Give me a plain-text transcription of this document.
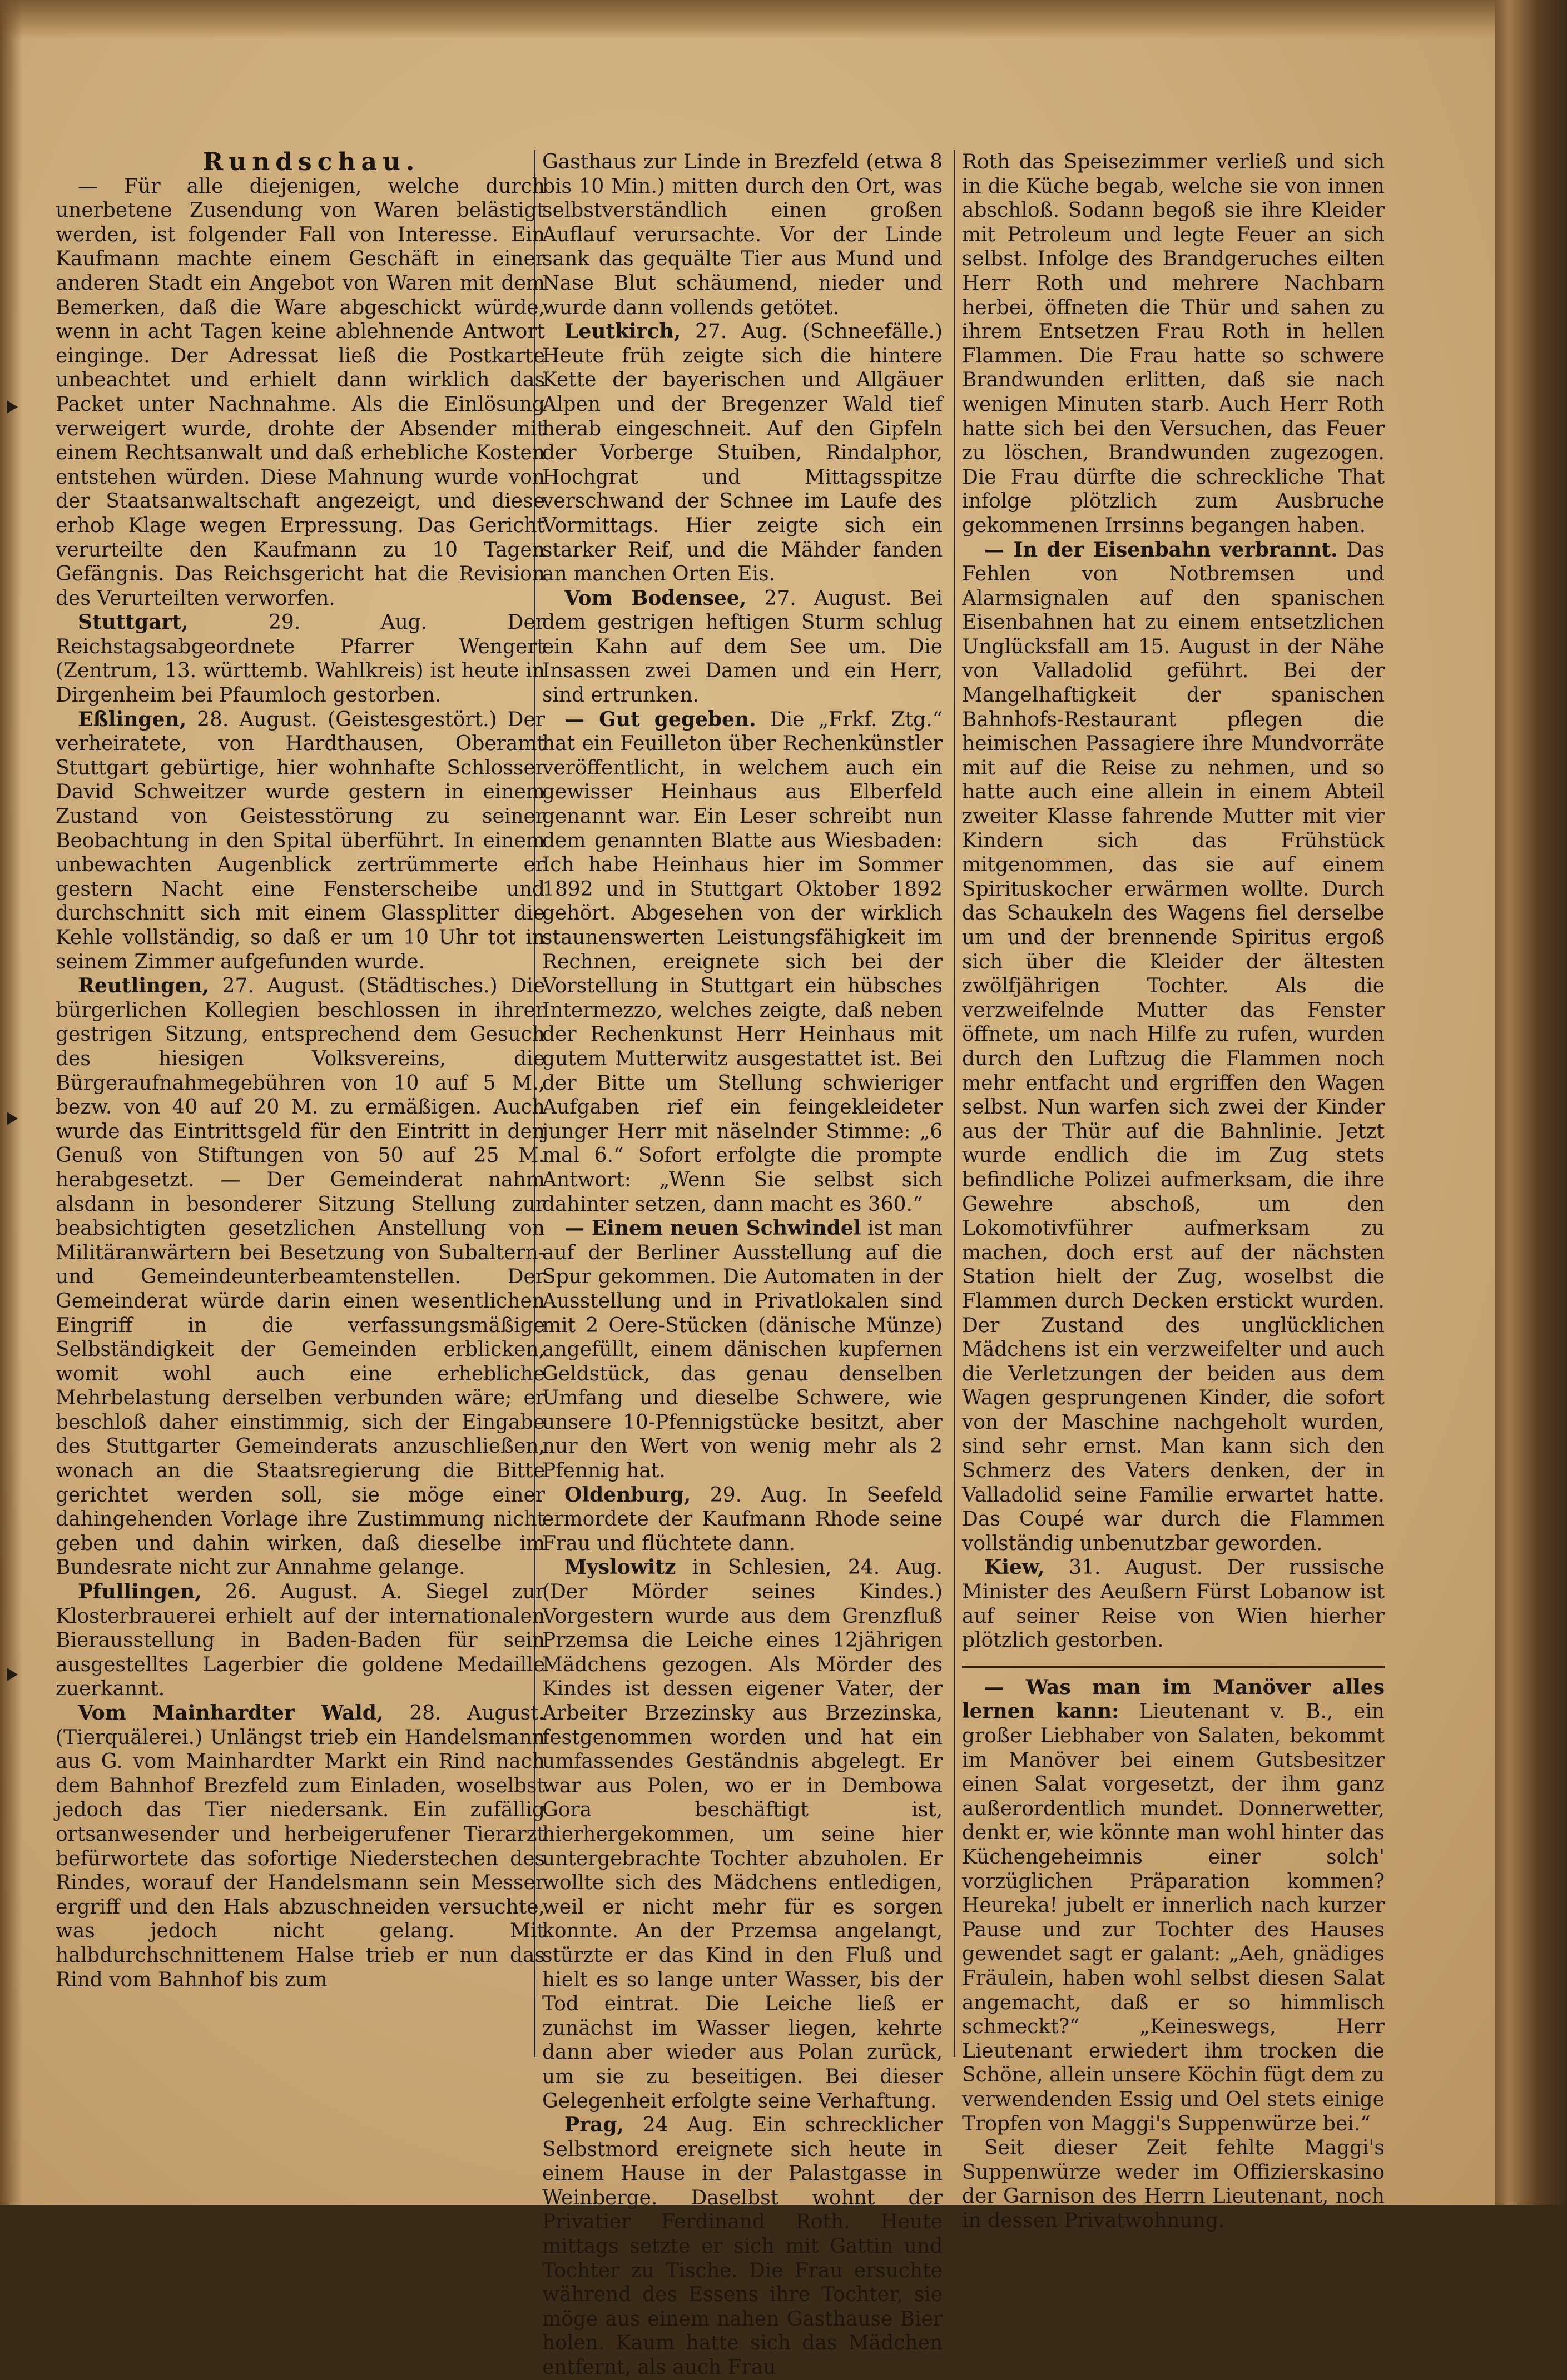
Rundschau.

— Für alle diejenigen, welche durch unerbetene Zusendung von Waren belästigt werden, ist folgender Fall von Interesse. Ein Kaufmann machte einem Geschäft in einer anderen Stadt ein Angebot von Waren mit dem Bemerken, daß die Ware abgeschickt würde, wenn in acht Tagen keine ablehnende Antwort einginge. Der Adressat ließ die Postkarte unbeachtet und erhielt dann wirklich das Packet unter Nachnahme. Als die Einlösung verweigert wurde, drohte der Absender mit einem Rechtsanwalt und daß erhebliche Kosten entstehen würden. Diese Mahnung wurde von der Staatsanwaltschaft angezeigt, und diese erhob Klage wegen Erpressung. Das Gericht verurteilte den Kaufmann zu 10 Tagen Gefängnis. Das Reichsgericht hat die Revision des Verurteilten verworfen.

Stuttgart, 29. Aug. Der Reichstagsabgeordnete Pfarrer Wengert (Zentrum, 13. württemb. Wahlkreis) ist heute in Dirgenheim bei Pfaumloch gestorben.

Eßlingen, 28. August. (Geistesgestört.) Der verheiratete, von Hardthausen, Oberamt Stuttgart gebürtige, hier wohnhafte Schlosser David Schweitzer wurde gestern in einem Zustand von Geistesstörung zu seiner Beobachtung in den Spital überführt. In einem unbewachten Augenblick zertrümmerte er gestern Nacht eine Fensterscheibe und durchschnitt sich mit einem Glassplitter die Kehle vollständig, so daß er um 10 Uhr tot in seinem Zimmer aufgefunden wurde.

Reutlingen, 27. August. (Städtisches.) Die bürgerlichen Kollegien beschlossen in ihrer gestrigen Sitzung, entsprechend dem Gesuch des hiesigen Volksvereins, die Bürgeraufnahmegebühren von 10 auf 5 M., bezw. von 40 auf 20 M. zu ermäßigen. Auch wurde das Eintrittsgeld für den Eintritt in den Genuß von Stiftungen von 50 auf 25 M. herabgesetzt. — Der Gemeinderat nahm alsdann in besonderer Sitzung Stellung zur beabsichtigten gesetzlichen Anstellung von Militäranwärtern bei Besetzung von Subaltern- und Gemeindeunterbeamtenstellen. Der Gemeinderat würde darin einen wesentlichen Eingriff in die verfassungsmäßige Selbständigkeit der Gemeinden erblicken, womit wohl auch eine erhebliche Mehrbelastung derselben verbunden wäre; er beschloß daher einstimmig, sich der Eingabe des Stuttgarter Gemeinderats anzuschließen, wonach an die Staatsregierung die Bitte gerichtet werden soll, sie möge einer dahingehenden Vorlage ihre Zustimmung nicht geben und dahin wirken, daß dieselbe im Bundesrate nicht zur Annahme gelange.

Pfullingen, 26. August. A. Siegel zur Klosterbrauerei erhielt auf der internationalen Bierausstellung in Baden-Baden für sein ausgestelltes Lagerbier die goldene Medaille zuerkannt.

Vom Mainhardter Wald, 28. August. (Tierquälerei.) Unlängst trieb ein Handelsmann aus G. vom Mainhardter Markt ein Rind nach dem Bahnhof Brezfeld zum Einladen, woselbst jedoch das Tier niedersank. Ein zufällig ortsanwesender und herbeigerufener Tierarzt befürwortete das sofortige Niederstechen des Rindes, worauf der Handelsmann sein Messer ergriff und den Hals abzuschneiden versuchte, was jedoch nicht gelang. Mit halbdurchschnittenem Halse trieb er nun das Rind vom Bahnhof bis zum

Gasthaus zur Linde in Brezfeld (etwa 8 bis 10 Min.) mitten durch den Ort, was selbstverständlich einen großen Auflauf verursachte. Vor der Linde sank das gequälte Tier aus Mund und Nase Blut schäumend, nieder und wurde dann vollends getötet.

Leutkirch, 27. Aug. (Schneefälle.) Heute früh zeigte sich die hintere Kette der bayerischen und Allgäuer Alpen und der Bregenzer Wald tief herab eingeschneit. Auf den Gipfeln der Vorberge Stuiben, Rindalphor, Hochgrat und Mittagsspitze verschwand der Schnee im Laufe des Vormittags. Hier zeigte sich ein starker Reif, und die Mähder fanden an manchen Orten Eis.

Vom Bodensee, 27. August. Bei dem gestrigen heftigen Sturm schlug ein Kahn auf dem See um. Die Insassen zwei Damen und ein Herr, sind ertrunken.

— Gut gegeben. Die „Frkf. Ztg.“ hat ein Feuilleton über Rechenkünstler veröffentlicht, in welchem auch ein gewisser Heinhaus aus Elberfeld genannt war. Ein Leser schreibt nun dem genannten Blatte aus Wiesbaden: Ich habe Heinhaus hier im Sommer 1892 und in Stuttgart Oktober 1892 gehört. Abgesehen von der wirklich staunenswerten Leistungsfähigkeit im Rechnen, ereignete sich bei der Vorstellung in Stuttgart ein hübsches Intermezzo, welches zeigte, daß neben der Rechenkunst Herr Heinhaus mit gutem Mutterwitz ausgestattet ist. Bei der Bitte um Stellung schwieriger Aufgaben rief ein feingekleideter junger Herr mit näselnder Stimme: „6 mal 6.“ Sofort erfolgte die prompte Antwort: „Wenn Sie selbst sich dahinter setzen, dann macht es 360.“

— Einem neuen Schwindel ist man auf der Berliner Ausstellung auf die Spur gekommen. Die Automaten in der Ausstellung und in Privatlokalen sind mit 2 Oere-Stücken (dänische Münze) angefüllt, einem dänischen kupfernen Geldstück, das genau denselben Umfang und dieselbe Schwere, wie unsere 10-Pfennigstücke besitzt, aber nur den Wert von wenig mehr als 2 Pfennig hat.

Oldenburg, 29. Aug. In Seefeld ermordete der Kaufmann Rhode seine Frau und flüchtete dann.

Myslowitz in Schlesien, 24. Aug. (Der Mörder seines Kindes.) Vorgestern wurde aus dem Grenzfluß Przemsa die Leiche eines 12jährigen Mädchens gezogen. Als Mörder des Kindes ist dessen eigener Vater, der Arbeiter Brzezinsky aus Brzezinska, festgenommen worden und hat ein umfassendes Geständnis abgelegt. Er war aus Polen, wo er in Dembowa Gora beschäftigt ist, hierhergekommen, um seine hier untergebrachte Tochter abzuholen. Er wollte sich des Mädchens entledigen, weil er nicht mehr für es sorgen konnte. An der Przemsa angelangt, stürzte er das Kind in den Fluß und hielt es so lange unter Wasser, bis der Tod eintrat. Die Leiche ließ er zunächst im Wasser liegen, kehrte dann aber wieder aus Polan zurück, um sie zu beseitigen. Bei dieser Gelegenheit erfolgte seine Verhaftung.

Prag, 24 Aug. Ein schrecklicher Selbstmord ereignete sich heute in einem Hause in der Palastgasse in Weinberge. Daselbst wohnt der Privatier Ferdinand Roth. Heute mittags setzte er sich mit Gattin und Tochter zu Tische. Die Frau ersuchte während des Essens ihre Tochter, sie möge aus einem nahen Gasthause Bier holen. Kaum hatte sich das Mädchen entfernt, als auch Frau

Roth das Speisezimmer verließ und sich in die Küche begab, welche sie von innen abschloß. Sodann begoß sie ihre Kleider mit Petroleum und legte Feuer an sich selbst. Infolge des Brandgeruches eilten Herr Roth und mehrere Nachbarn herbei, öffneten die Thür und sahen zu ihrem Entsetzen Frau Roth in hellen Flammen. Die Frau hatte so schwere Brandwunden erlitten, daß sie nach wenigen Minuten starb. Auch Herr Roth hatte sich bei den Versuchen, das Feuer zu löschen, Brandwunden zugezogen. Die Frau dürfte die schreckliche That infolge plötzlich zum Ausbruche gekommenen Irrsinns begangen haben.

— In der Eisenbahn verbrannt. Das Fehlen von Notbremsen und Alarmsignalen auf den spanischen Eisenbahnen hat zu einem entsetzlichen Unglücksfall am 15. August in der Nähe von Valladolid geführt. Bei der Mangelhaftigkeit der spanischen Bahnhofs-Restaurant pflegen die heimischen Passagiere ihre Mundvorräte mit auf die Reise zu nehmen, und so hatte auch eine allein in einem Abteil zweiter Klasse fahrende Mutter mit vier Kindern sich das Frühstück mitgenommen, das sie auf einem Spirituskocher erwärmen wollte. Durch das Schaukeln des Wagens fiel derselbe um und der brennende Spiritus ergoß sich über die Kleider der ältesten zwölfjährigen Tochter. Als die verzweifelnde Mutter das Fenster öffnete, um nach Hilfe zu rufen, wurden durch den Luftzug die Flammen noch mehr entfacht und ergriffen den Wagen selbst. Nun warfen sich zwei der Kinder aus der Thür auf die Bahnlinie. Jetzt wurde endlich die im Zug stets befindliche Polizei aufmerksam, die ihre Gewehre abschoß, um den Lokomotivführer aufmerksam zu machen, doch erst auf der nächsten Station hielt der Zug, woselbst die Flammen durch Decken erstickt wurden. Der Zustand des unglücklichen Mädchens ist ein verzweifelter und auch die Verletzungen der beiden aus dem Wagen gesprungenen Kinder, die sofort von der Maschine nachgeholt wurden, sind sehr ernst. Man kann sich den Schmerz des Vaters denken, der in Valladolid seine Familie erwartet hatte. Das Coupé war durch die Flammen vollständig unbenutzbar geworden.

Kiew, 31. August. Der russische Minister des Aeußern Fürst Lobanow ist auf seiner Reise von Wien hierher plötzlich gestorben.

— Was man im Manöver alles lernen kann: Lieutenant v. B., ein großer Liebhaber von Salaten, bekommt im Manöver bei einem Gutsbesitzer einen Salat vorgesetzt, der ihm ganz außerordentlich mundet. Donnerwetter, denkt er, wie könnte man wohl hinter das Küchengeheimnis einer solch' vorzüglichen Präparation kommen? Heureka! jubelt er innerlich nach kurzer Pause und zur Tochter des Hauses gewendet sagt er galant: „Aeh, gnädiges Fräulein, haben wohl selbst diesen Salat angemacht, daß er so himmlisch schmeckt?“ „Keineswegs, Herr Lieutenant erwiedert ihm trocken die Schöne, allein unsere Köchin fügt dem zu verwendenden Essig und Oel stets einige Tropfen von Maggi's Suppenwürze bei.“

Seit dieser Zeit fehlte Maggi's Suppenwürze weder im Offizierskasino der Garnison des Herrn Lieutenant, noch in dessen Privatwohnung.
